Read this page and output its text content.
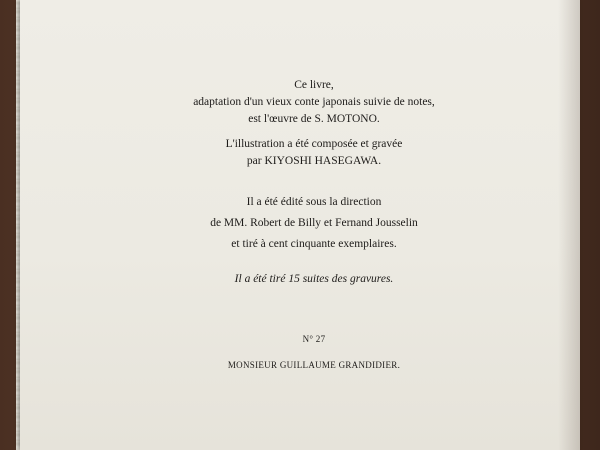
Ce livre,
adaptation d'un vieux conte japonais suivie de notes,
est l'œuvre de S. MOTONO.
L'illustration a été composée et gravée
par KIYOSHI HASEGAWA.
Il a été édité sous la direction
de MM. Robert de Billy et Fernand Jousselin
et tiré à cent cinquante exemplaires.
Il a été tiré 15 suites des gravures.
N° 27
MONSIEUR GUILLAUME GRANDIDIER.
